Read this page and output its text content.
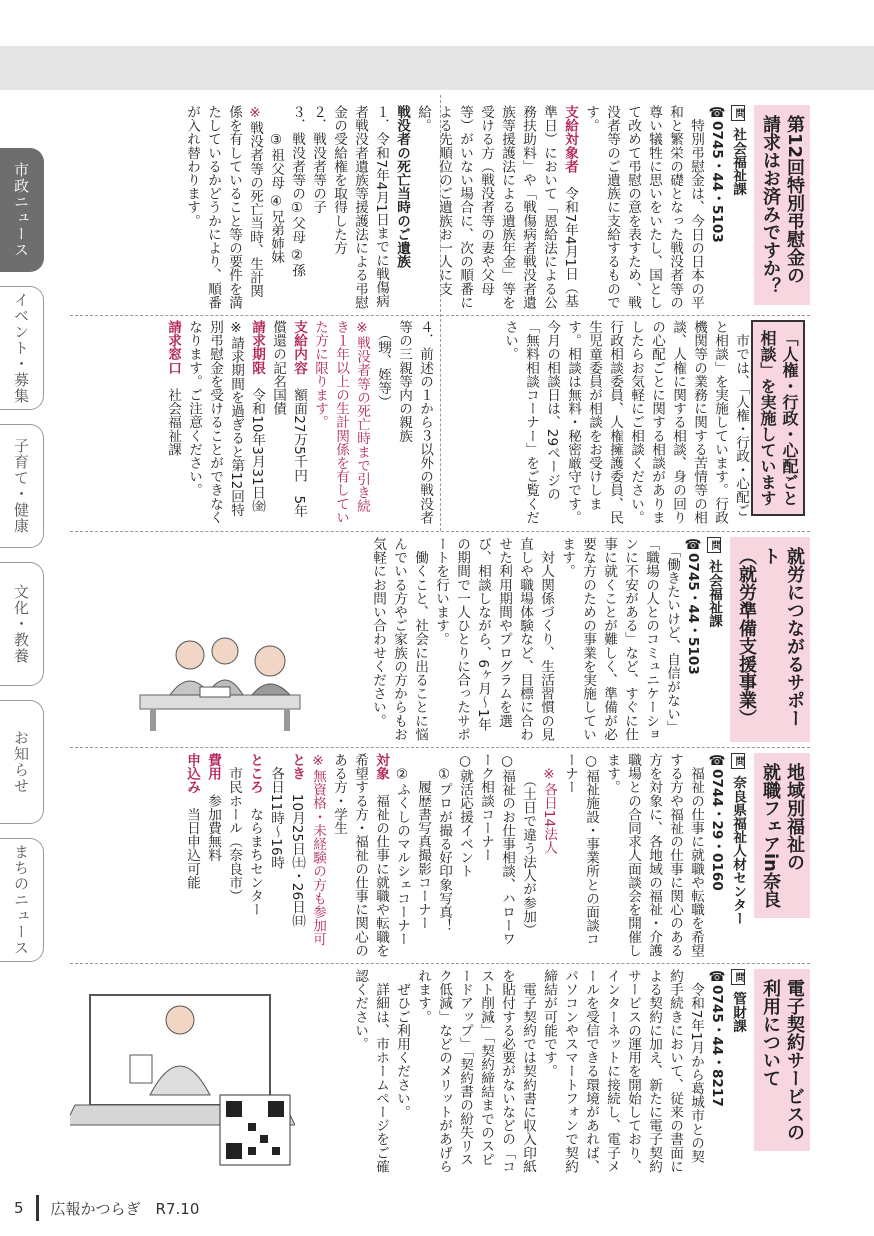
市政ニュース
イベント・募集
子育て・健康
文化・教養
お知らせ
まちのニュース

第12回特別弔慰金の
請求はお済みですか？

問 社会福祉課

☎0745・44・5103

　特別弔慰金は、今日の日本の平和と繁栄の礎となった戦没者等の尊い犠牲に思いをいたし、国として改めて弔慰の意を表すため、戦没者等のご遺族に支給するものです。

支給対象者　令和7年4月1日（基準日）において「恩給法による公務扶助料」や「戦傷病者戦没者遺族等援護法による遺族年金」等を受ける方（戦没者等の妻や父母等）がいない場合に、次の順番による先順位のご遺族お一人に支給。

戦没者の死亡当時のご遺族

１．令和7年4月1日までに戦傷病者戦没者遺族等援護法による弔慰金の受給権を取得した方

２．戦没者等の子

３．戦没者等の①父母 ②孫

　　③祖父母 ④兄弟姉妹

※戦没者等の死亡当時、生計関係を有していること等の要件を満たしているかどうかにより、順番が入れ替わります。

４．前述の１から３以外の戦没者等の三親等内の親族

　（甥、姪等）

※戦没者等の死亡時まで引き続き１年以上の生計関係を有していた方に限ります。

支給内容　額面27万5千円　5年償還の記名国債

請求期限　令和10年3月31日㈮

※請求期間を過ぎると第12回特別弔慰金を受けることができなくなります。ご注意ください。

請求窓口　社会福祉課	「人権・行政・心配ごと
相談」を実施しています

　市では、「人権・行政・心配ごと相談」を実施しています。行政機関等の業務に関する苦情等の相談、人権に関する相談、身の回りの心配ごとに関する相談がありましたらお気軽にご相談ください。行政相談委員、人権擁護委員、民生児童委員が相談をお受けします。相談は無料・秘密厳守です。今月の相談日は、29ページの「無料相談コーナー」をご覧ください。

就労につながるサポート
（就労準備支援事業）

問 社会福祉課

☎0745・44・5103

　「働きたいけど、自信がない」「職場の人とのコミュニケーションに不安がある」など、すぐに仕事に就くことが難しく、準備が必要な方のための事業を実施しています。

　対人関係づくり、生活習慣の見直しや職場体験など、目標に合わせた利用期間やプログラムを選び、相談しながら、6ヶ月～1年の期間で一人ひとりに合ったサポートを行います。

　働くこと、社会に出ることに悩んでいる方やご家族の方からもお気軽にお問い合わせください。

地域別福祉の
就職フェアin奈良

問 奈良県福祉人材センター

☎0744・29・0160

　福祉の仕事に就職や転職を希望する方や福祉の仕事に関心のある方を対象に、各地域の福祉・介護職場との合同求人面談会を開催します。

○福祉施設・事業所との面談コーナー

　※各日14法人

　　（土日で違う法人が参加）

○福祉のお仕事相談、ハローワーク相談コーナー

○就活応援イベント

　①プロが撮る好印象写真！

　　履歴書写真撮影コーナー

　②ふくしのマルシェコーナー

対象　福祉の仕事に就職や転職を希望する方・福祉の仕事に関心のある方・学生

※無資格・未経験の方も参加可

とき　10月25日㈯・26日㈰

　各日11時～16時

ところ　ならまちセンター

　市民ホール（奈良市）

費用　参加費無料

申込み　当日申込可能

電子契約サービスの
利用について

問 管財課

☎0745・44・8217

　令和7年1月から葛城市との契約手続きにおいて、従来の書面による契約に加え、新たに電子契約サービスの運用を開始しており、インターネットに接続し、電子メールを受信できる環境があれば、パソコンやスマートフォンで契約締結が可能です。

　電子契約では契約書に収入印紙を貼付する必要がないなどの「コスト削減」「契約締結までのスピードアップ」「契約書の紛失リスク低減」などのメリットがあげられます。

　ぜひご利用ください。

　詳細は、市ホームページをご確認ください。

5 広報かつらぎ　R7.10
